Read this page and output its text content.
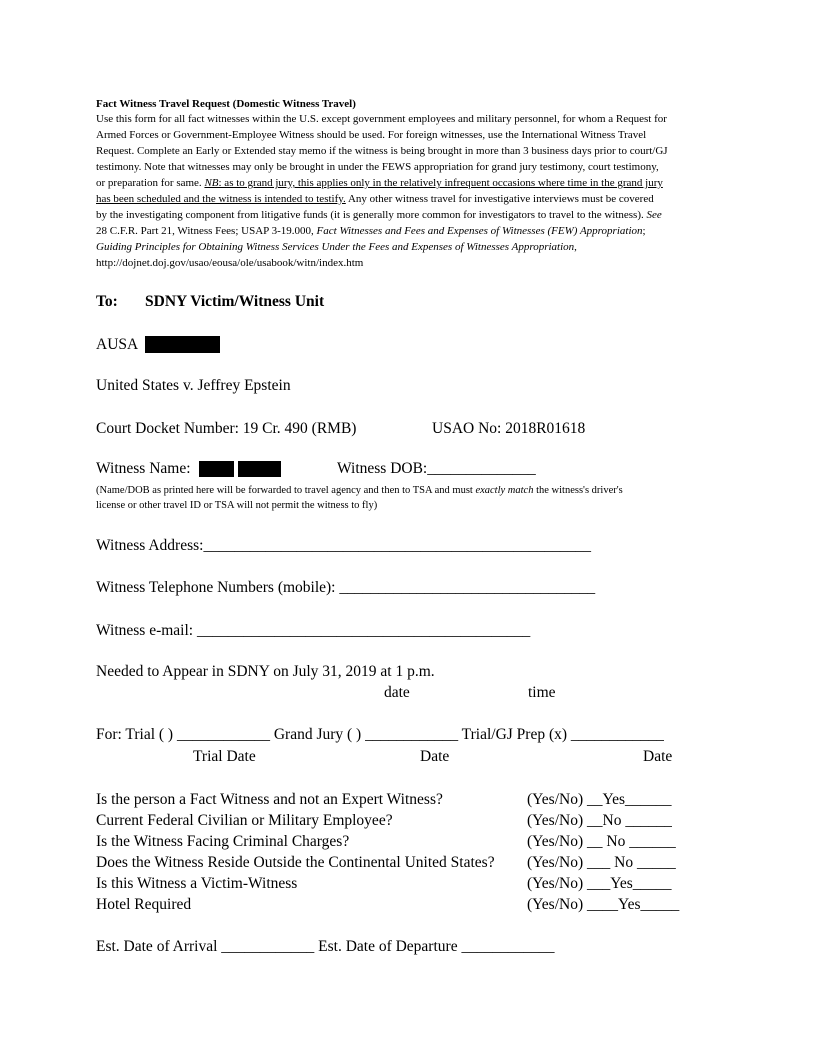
Fact Witness Travel Request (Domestic Witness Travel)
Use this form for all fact witnesses within the U.S. except government employees and military personnel, for whom a Request for
Armed Forces or Government-Employee Witness should be used. For foreign witnesses, use the International Witness Travel
Request. Complete an Early or Extended stay memo if the witness is being brought in more than 3 business days prior to court/GJ
testimony. Note that witnesses may only be brought in under the FEWS appropriation for grand jury testimony, court testimony,
or preparation for same. NB: as to grand jury, this applies only in the relatively infrequent occasions where time in the grand jury
has been scheduled and the witness is intended to testify. Any other witness travel for investigative interviews must be covered
by the investigating component from litigative funds (it is generally more common for investigators to travel to the witness). See
28 C.F.R. Part 21, Witness Fees; USAP 3-19.000, Fact Witnesses and Fees and Expenses of Witnesses (FEW) Appropriation;
Guiding Principles for Obtaining Witness Services Under the Fees and Expenses of Witnesses Appropriation,
http://dojnet.doj.gov/usao/eousa/ole/usabook/witn/index.htm
To: SDNY Victim/Witness Unit
AUSA
United States v. Jeffrey Epstein
Court Docket Number: 19 Cr. 490 (RMB)	USAO No: 2018R01618
Witness Name:	Witness DOB:______________
(Name/DOB as printed here will be forwarded to travel agency and then to TSA and must exactly match the witness's driver's
license or other travel ID or TSA will not permit the witness to fly)
Witness Address:__________________________________________________
Witness Telephone Numbers (mobile): _________________________________
Witness e-mail: ___________________________________________
Needed to Appear in SDNY on July 31, 2019 at 1 p.m.
date	time
For: Trial ( ) ____________ Grand Jury ( ) ____________ Trial/GJ Prep (x) ____________
Trial Date	Date	Date
Is the person a Fact Witness and not an Expert Witness?	(Yes/No) __Yes______
Current Federal Civilian or Military Employee?	(Yes/No) __No ______
Is the Witness Facing Criminal Charges?	(Yes/No) __ No ______
Does the Witness Reside Outside the Continental United States? (Yes/No) ___ No _____
Is this Witness a Victim-Witness	(Yes/No) ___Yes_____
Hotel Required	(Yes/No) ____Yes_____
Est. Date of Arrival ____________ Est. Date of Departure ____________
